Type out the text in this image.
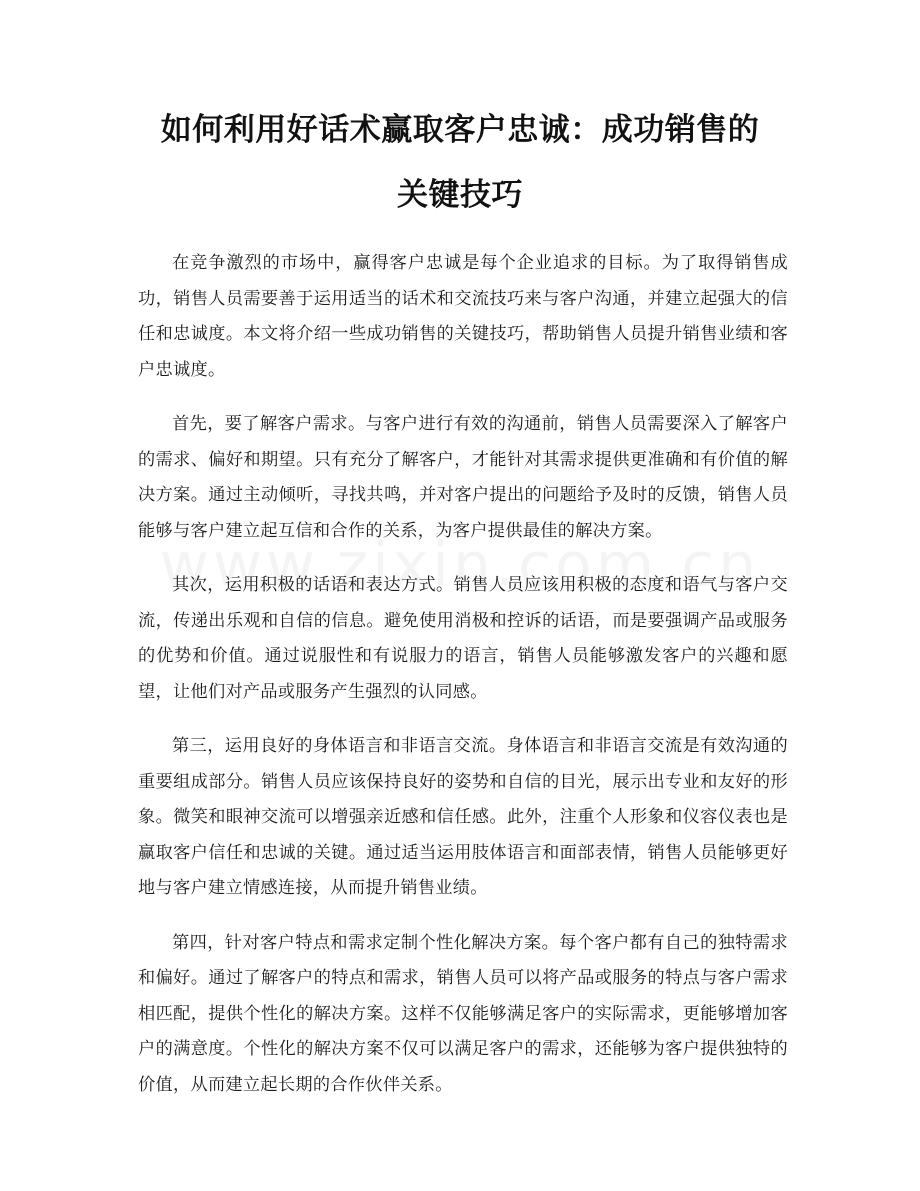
如何利用好话术赢取客户忠诚：成功销售的
关键技巧

在竞争激烈的市场中，赢得客户忠诚是每个企业追求的目标。为了取得销售成功，销售人员需要善于运用适当的话术和交流技巧来与客户沟通，并建立起强大的信任和忠诚度。本文将介绍一些成功销售的关键技巧，帮助销售人员提升销售业绩和客户忠诚度。

首先，要了解客户需求。与客户进行有效的沟通前，销售人员需要深入了解客户的需求、偏好和期望。只有充分了解客户，才能针对其需求提供更准确和有价值的解决方案。通过主动倾听，寻找共鸣，并对客户提出的问题给予及时的反馈，销售人员能够与客户建立起互信和合作的关系，为客户提供最佳的解决方案。

其次，运用积极的话语和表达方式。销售人员应该用积极的态度和语气与客户交流，传递出乐观和自信的信息。避免使用消极和控诉的话语，而是要强调产品或服务的优势和价值。通过说服性和有说服力的语言，销售人员能够激发客户的兴趣和愿望，让他们对产品或服务产生强烈的认同感。

第三，运用良好的身体语言和非语言交流。身体语言和非语言交流是有效沟通的重要组成部分。销售人员应该保持良好的姿势和自信的目光，展示出专业和友好的形象。微笑和眼神交流可以增强亲近感和信任感。此外，注重个人形象和仪容仪表也是赢取客户信任和忠诚的关键。通过适当运用肢体语言和面部表情，销售人员能够更好地与客户建立情感连接，从而提升销售业绩。

第四，针对客户特点和需求定制个性化解决方案。每个客户都有自己的独特需求和偏好。通过了解客户的特点和需求，销售人员可以将产品或服务的特点与客户需求相匹配，提供个性化的解决方案。这样不仅能够满足客户的实际需求，更能够增加客户的满意度。个性化的解决方案不仅可以满足客户的需求，还能够为客户提供独特的价值，从而建立起长期的合作伙伴关系。
